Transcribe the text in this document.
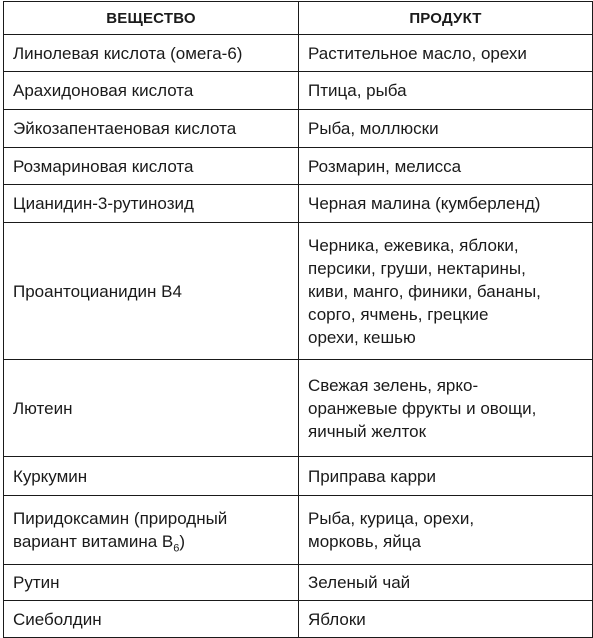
ВЕЩЕСТВО	ПРОДУКТ

Линолевая кислота (омега-6)	Растительное масло, орехи

Арахидоновая кислота	Птица, рыба

Эйкозапентаеновая кислота	Рыба, моллюски

Розмариновая кислота	Розмарин, мелисса

Цианидин-3-рутинозид	Черная малина (кумберленд)

Проантоцианидин В4	Черника, ежевика, яблоки,
персики, груши, нектарины,
киви, манго, финики, бананы,
сорго, ячмень, грецкие
орехи, кешью

Лютеин	Свежая зелень, ярко-
оранжевые фрукты и овощи,
яичный желток

Куркумин	Приправа карри

Пиридоксамин (природный
вариант витамина $В_6$)	Рыба, курица, орехи,
морковь, яйца

Рутин	Зеленый чай

Сиеболдин	Яблоки
